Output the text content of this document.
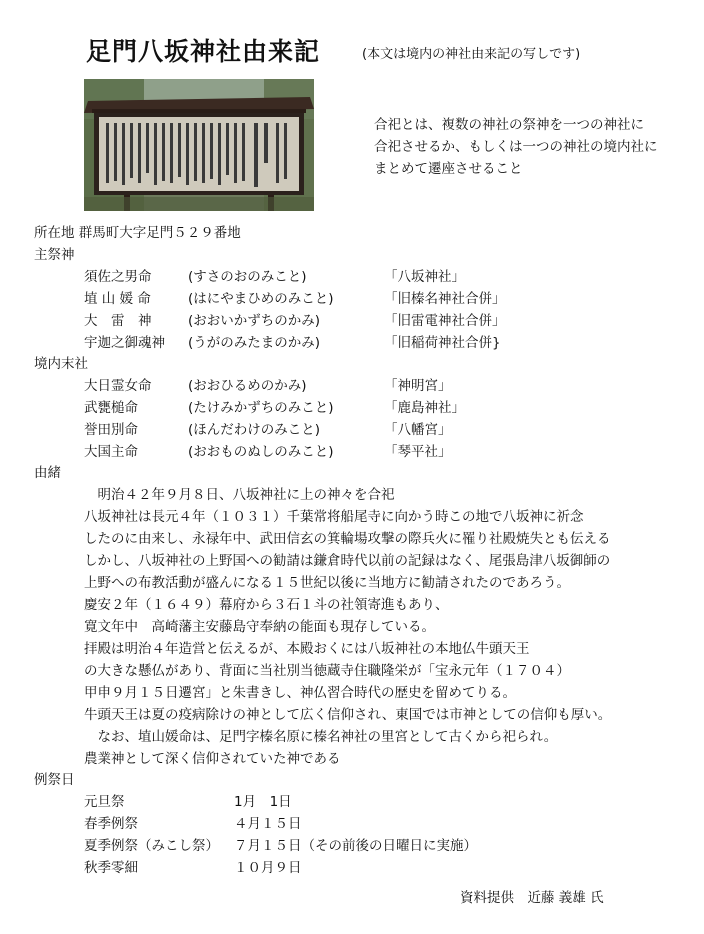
足門八坂神社由来記	(本文は境内の神社由来記の写しです)
合祀とは、複数の神社の祭神を一つの神社に
合祀させるか、もしくは一つの神社の境内社に
まとめて遷座させること
所在地 群馬町大字足門５２９番地
主祭神
須佐之男命	(すさのおのみこと)	「八坂神社」
埴 山 媛 命	(はにやまひめのみこと)	「旧榛名神社合併」
大　雷　神	(おおいかずちのかみ)	「旧雷電神社合併」
宇迦之御魂神 (うがのみたまのかみ)	「旧稲荷神社合併}
境内末社
大日霊女命	(おおひるめのかみ)	「神明宮」
武甕槌命	(たけみかずちのみこと)	「鹿島神社」
誉田別命	(ほんだわけのみこと)	「八幡宮」
大国主命	(おおものぬしのみこと)	「琴平社」
由緒
　明治４２年９月８日、八坂神社に上の神々を合祀
八坂神社は長元４年（１０３１）千葉常将船尾寺に向かう時この地で八坂神に祈念
したのに由来し、永禄年中、武田信玄の箕輪場攻撃の際兵火に罹り社殿焼失とも伝える
しかし、八坂神社の上野国への勧請は鎌倉時代以前の記録はなく、尾張島津八坂御師の
上野への布教活動が盛んになる１５世紀以後に当地方に勧請されたのであろう。
慶安２年（１６４９）幕府から３石１斗の社領寄進もあり、
寛文年中　高崎藩主安藤島守奉納の能面も現存している。
拝殿は明治４年造営と伝えるが、本殿おくには八坂神社の本地仏牛頭天王
の大きな懸仏があり、背面に当社別当徳蔵寺住職隆栄が「宝永元年（１７０４）
甲申９月１５日遷宮」と朱書きし、神仏習合時代の歴史を留めてりる。
牛頭天王は夏の疫病除けの神として広く信仰され、東国では市神としての信仰も厚い。
　なお、埴山媛命は、足門字榛名原に榛名神社の里宮として古くから祀られ。
農業神として深く信仰されていた神である
例祭日
元旦祭	1月　1日
春季例祭	４月１５日
夏季例祭（みこし祭） ７月１５日（その前後の日曜日に実施）
秋季零細	１０月９日
資料提供　近藤 義雄 氏
